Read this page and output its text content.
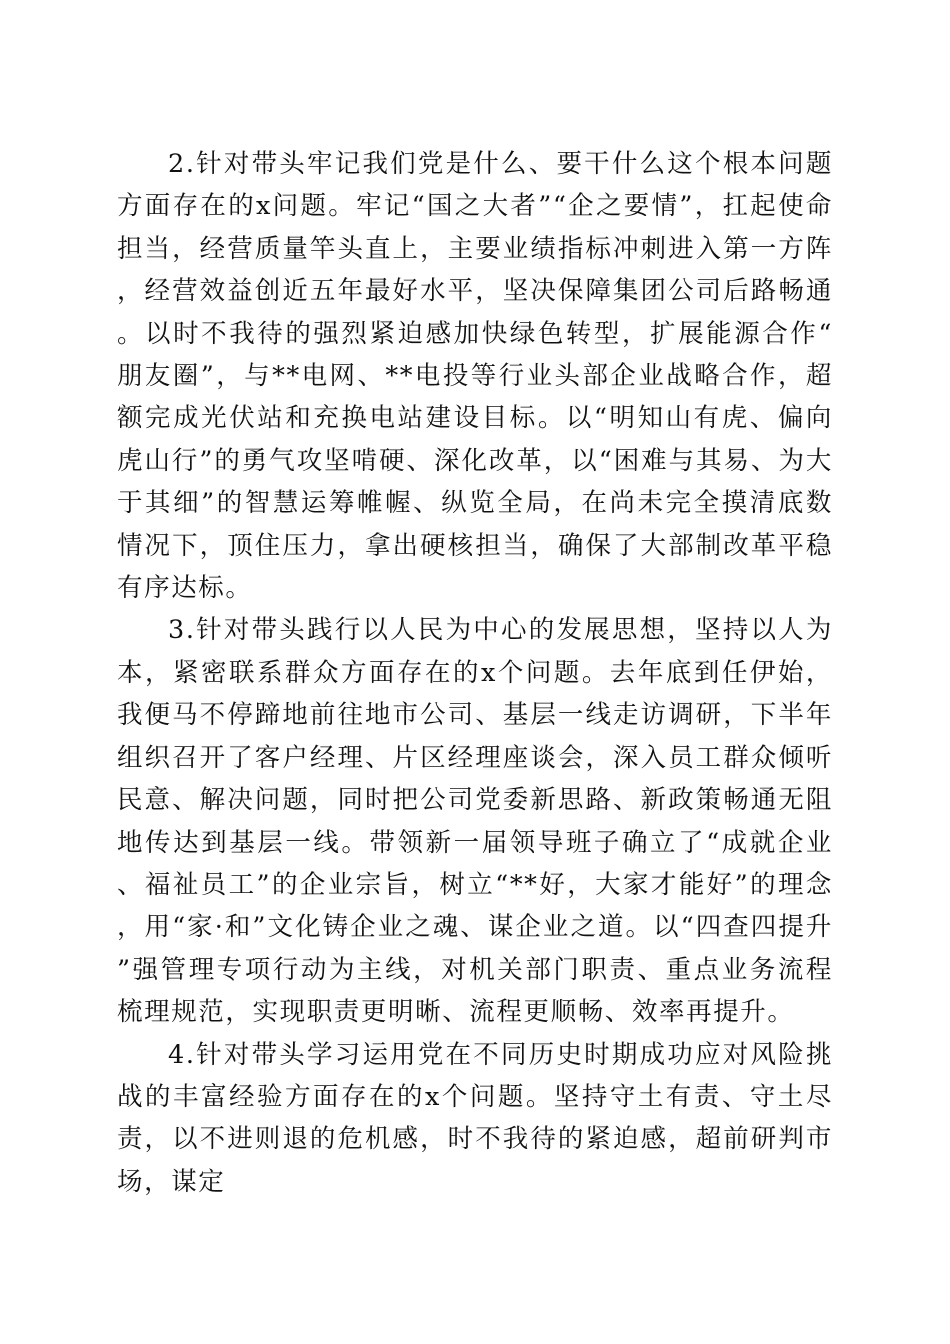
2.针对带头牢记我们党是什么、要干什么这个根本问题方面存在的x问题。牢记“国之大者”“企之要情”，扛起使命担当，经营质量竿头直上，主要业绩指标冲刺进入第一方阵，经营效益创近五年最好水平，坚决保障集团公司后路畅通。以时不我待的强烈紧迫感加快绿色转型，扩展能源合作“朋友圈”，与**电网、**电投等行业头部企业战略合作，超额完成光伏站和充换电站建设目标。以“明知山有虎、偏向虎山行”的勇气攻坚啃硬、深化改革，以“困难与其易、为大于其细”的智慧运筹帷幄、纵览全局，在尚未完全摸清底数情况下，顶住压力，拿出硬核担当，确保了大部制改革平稳有序达标。

3.针对带头践行以人民为中心的发展思想，坚持以人为本，紧密联系群众方面存在的x个问题。去年底到任伊始，我便马不停蹄地前往地市公司、基层一线走访调研，下半年组织召开了客户经理、片区经理座谈会，深入员工群众倾听民意、解决问题，同时把公司党委新思路、新政策畅通无阻地传达到基层一线。带领新一届领导班子确立了“成就企业、福祉员工”的企业宗旨，树立“**好，大家才能好”的理念，用“家·和”文化铸企业之魂、谋企业之道。以“四查四提升”强管理专项行动为主线，对机关部门职责、重点业务流程梳理规范，实现职责更明晰、流程更顺畅、效率再提升。

4.针对带头学习运用党在不同历史时期成功应对风险挑战的丰富经验方面存在的x个问题。坚持守土有责、守土尽责，以不进则退的危机感，时不我待的紧迫感，超前研判市场，谋定
